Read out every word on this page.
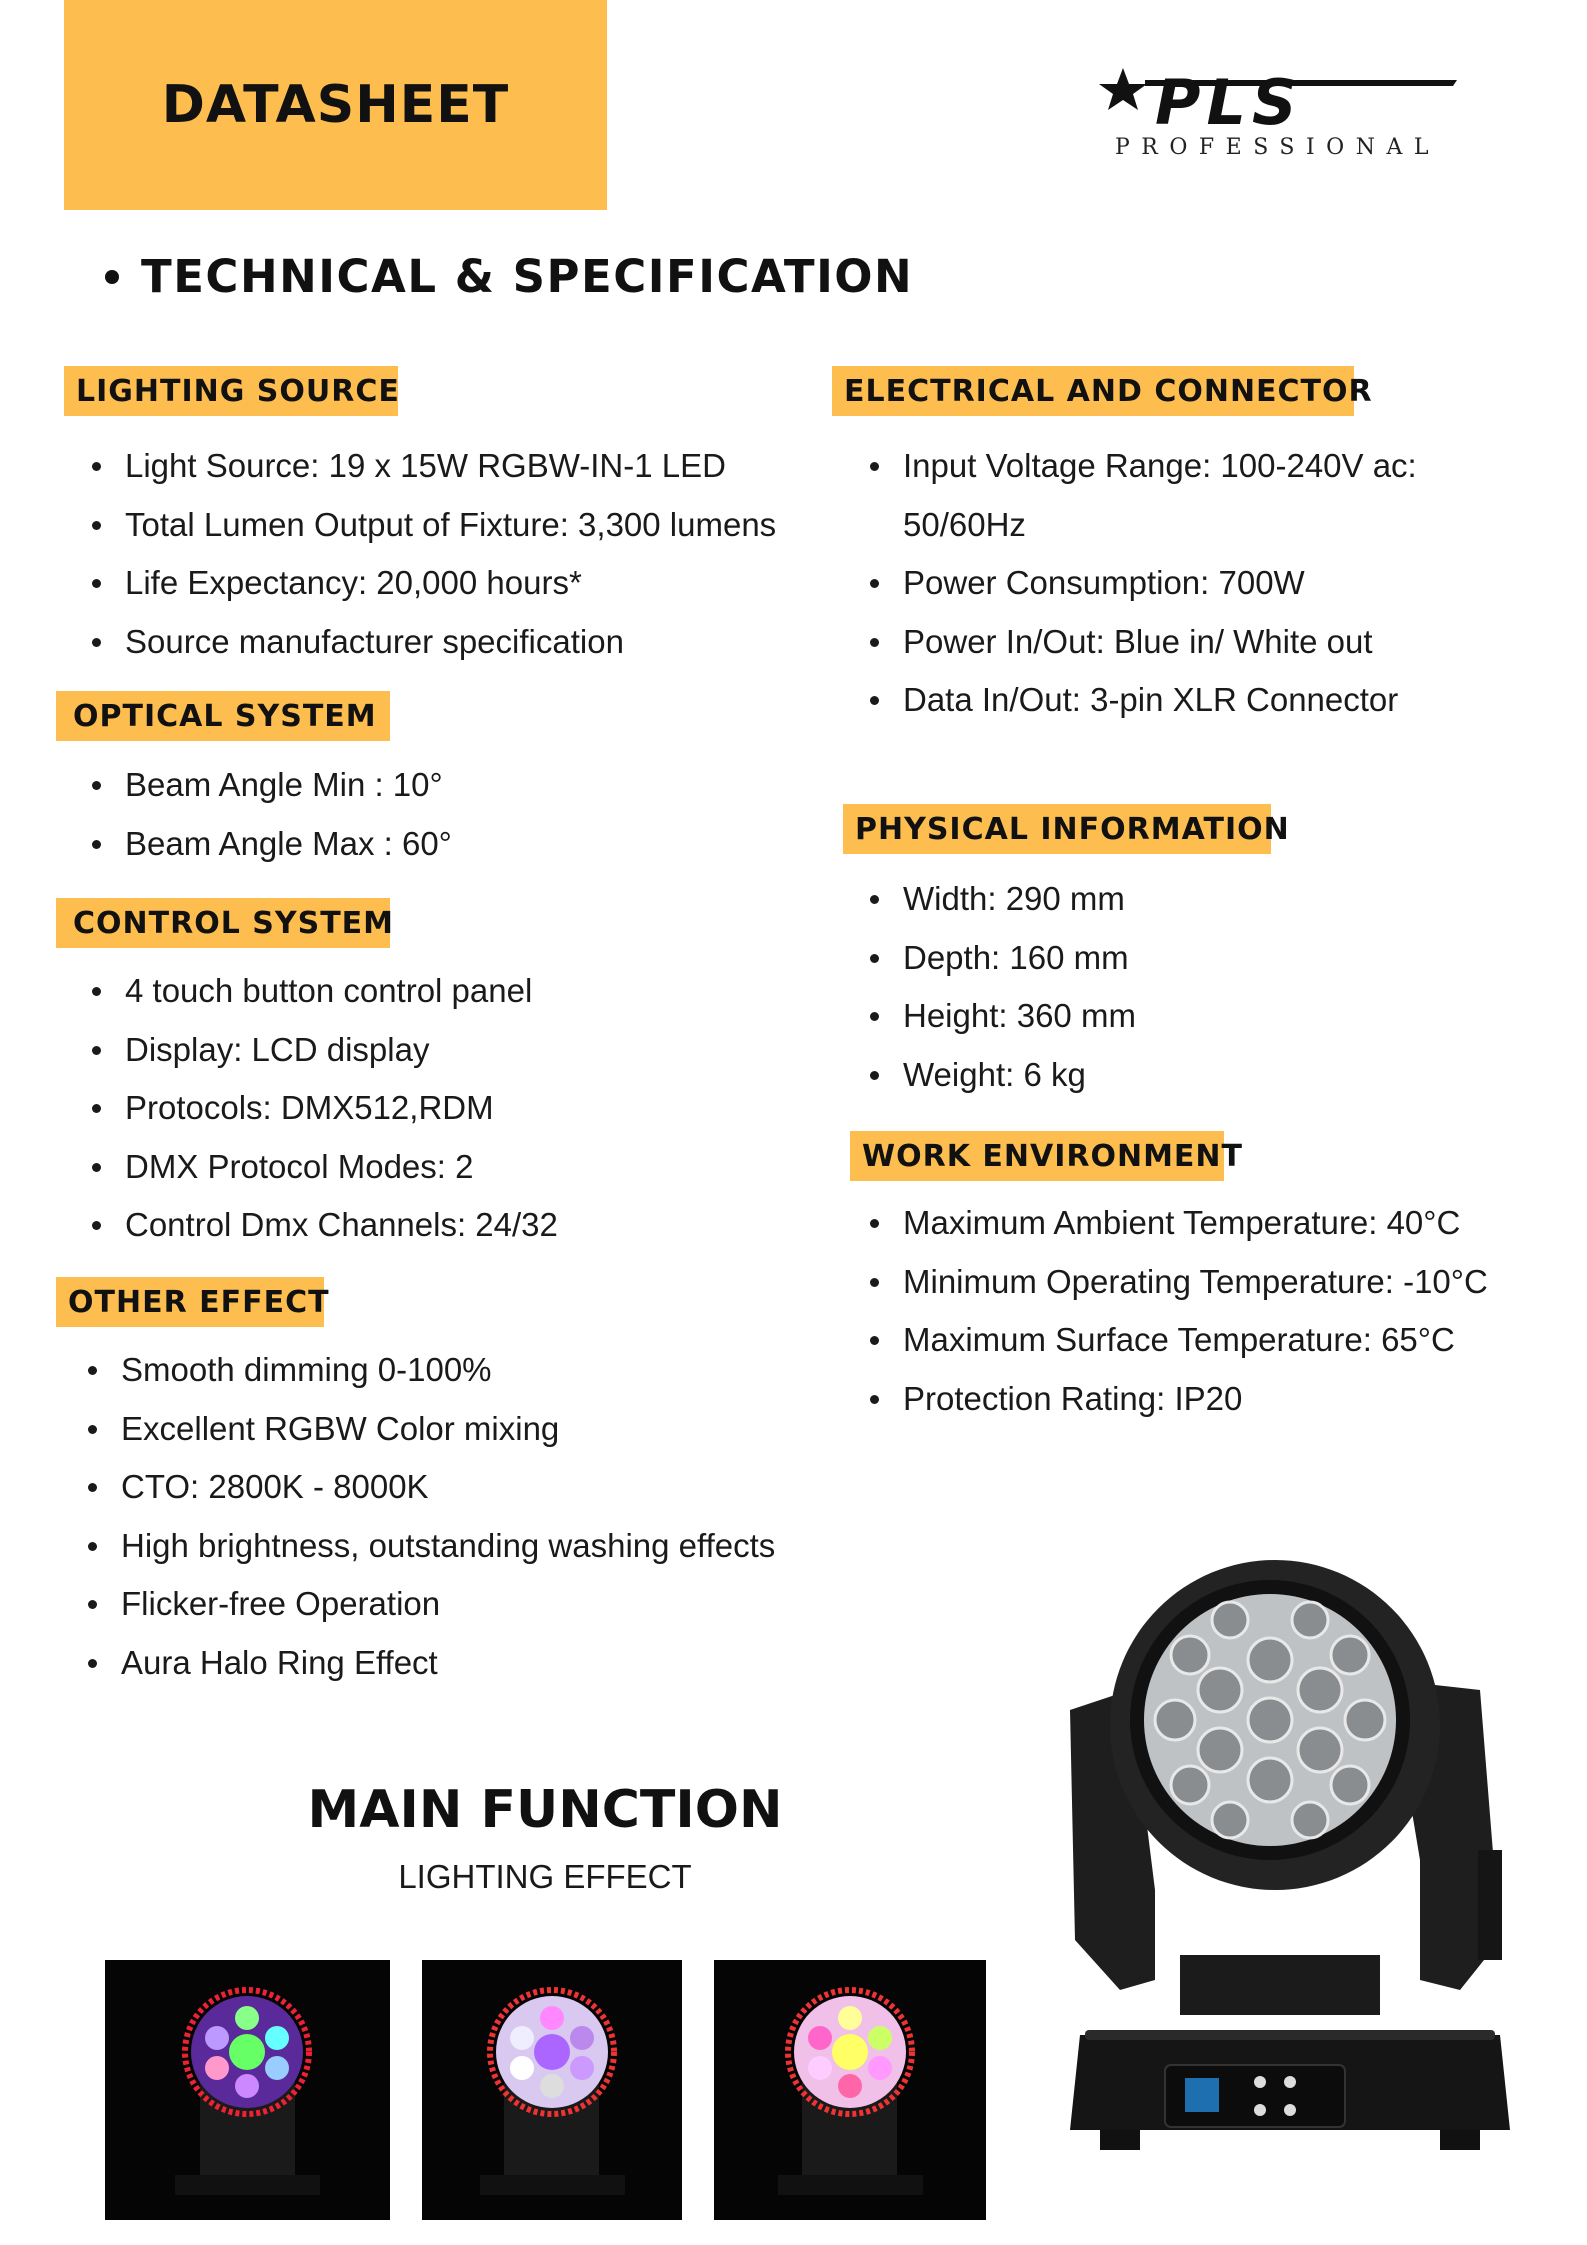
DATASHEET	PLS
PROFESSIONAL
TECHNICAL & SPECIFICATION
LIGHTING SOURCE
Light Source: 19 x 15W RGBW-IN-1 LED
Total Lumen Output of Fixture: 3,300 lumens
Life Expectancy: 20,000 hours*
Source manufacturer specification
OPTICAL SYSTEM
Beam Angle Min : 10°
Beam Angle Max : 60°
CONTROL SYSTEM
4 touch button control panel
Display: LCD display
Protocols: DMX512,RDM
DMX Protocol Modes: 2
Control Dmx Channels: 24/32
OTHER EFFECT
Smooth dimming 0-100%
Excellent RGBW Color mixing
CTO: 2800K - 8000K
High brightness, outstanding washing effects
Flicker-free Operation
Aura Halo Ring Effect
ELECTRICAL AND CONNECTOR
Input Voltage Range: 100-240V ac:
50/60Hz
Power Consumption: 700W
Power In/Out: Blue in/ White out
Data In/Out: 3-pin XLR Connector
PHYSICAL INFORMATION
Width: 290 mm
Depth: 160 mm
Height: 360 mm
Weight: 6 kg
WORK ENVIRONMENT
Maximum Ambient Temperature: 40°C
Minimum Operating Temperature: -10°C
Maximum Surface Temperature: 65°C
Protection Rating: IP20
MAIN FUNCTION
LIGHTING EFFECT
